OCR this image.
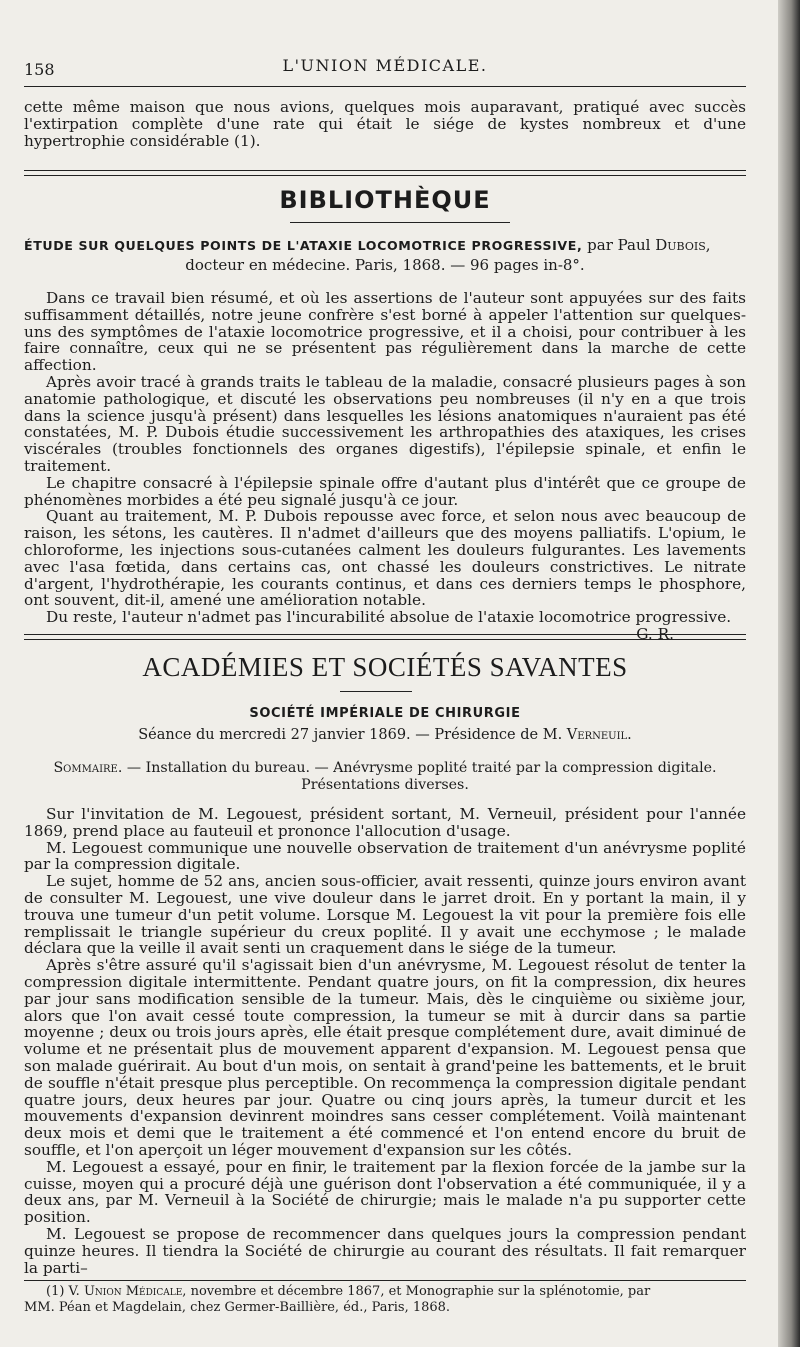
158	L'UNION MÉDICALE.

cette même maison que nous avions, quelques mois auparavant, pratiqué avec succès l'extirpation complète d'une rate qui était le siége de kystes nombreux et d'une hypertrophie considérable (1).

BIBLIOTHÈQUE

ÉTUDE SUR QUELQUES POINTS DE L'ATAXIE LOCOMOTRICE PROGRESSIVE, par Paul Dubois,

docteur en médecine. Paris, 1868. — 96 pages in-8°.

Dans ce travail bien résumé, et où les assertions de l'auteur sont appuyées sur des faits suffisamment détaillés, notre jeune confrère s'est borné à appeler l'attention sur quelques-uns des symptômes de l'ataxie locomotrice progressive, et il a choisi, pour contribuer à les faire connaître, ceux qui ne se présentent pas régulièrement dans la marche de cette affection.

Après avoir tracé à grands traits le tableau de la maladie, consacré plusieurs pages à son anatomie pathologique, et discuté les observations peu nombreuses (il n'y en a que trois dans la science jusqu'à présent) dans lesquelles les lésions anatomiques n'auraient pas été constatées, M. P. Dubois étudie successivement les arthropathies des ataxiques, les crises viscérales (troubles fonctionnels des organes digestifs), l'épilepsie spinale, et enfin le traitement.

Le chapitre consacré à l'épilepsie spinale offre d'autant plus d'intérêt que ce groupe de phénomènes morbides a été peu signalé jusqu'à ce jour.

Quant au traitement, M. P. Dubois repousse avec force, et selon nous avec beaucoup de raison, les sétons, les cautères. Il n'admet d'ailleurs que des moyens palliatifs. L'opium, le chloroforme, les injections sous-cutanées calment les douleurs fulgurantes. Les lavements avec l'asa fœtida, dans certains cas, ont chassé les douleurs constrictives. Le nitrate d'argent, l'hydrothérapie, les courants continus, et dans ces derniers temps le phosphore, ont souvent, dit-il, amené une amélioration notable.

Du reste, l'auteur n'admet pas l'incurabilité absolue de l'ataxie locomotrice progressive.

G. R.

ACADÉMIES ET SOCIÉTÉS SAVANTES
SOCIÉTÉ IMPÉRIALE DE CHIRURGIE

Séance du mercredi 27 janvier 1869. — Présidence de M. Verneuil.

Sommaire. — Installation du bureau. — Anévrysme poplité traité par la compression digitale.

Présentations diverses.

Sur l'invitation de M. Legouest, président sortant, M. Verneuil, président pour l'année 1869, prend place au fauteuil et prononce l'allocution d'usage.

M. Legouest communique une nouvelle observation de traitement d'un anévrysme poplité par la compression digitale.

Le sujet, homme de 52 ans, ancien sous-officier, avait ressenti, quinze jours environ avant de consulter M. Legouest, une vive douleur dans le jarret droit. En y portant la main, il y trouva une tumeur d'un petit volume. Lorsque M. Legouest la vit pour la première fois elle remplissait le triangle supérieur du creux poplité. Il y avait une ecchymose ; le malade déclara que la veille il avait senti un craquement dans le siége de la tumeur.

Après s'être assuré qu'il s'agissait bien d'un anévrysme, M. Legouest résolut de tenter la compression digitale intermittente. Pendant quatre jours, on fit la compression, dix heures par jour sans modification sensible de la tumeur. Mais, dès le cinquième ou sixième jour, alors que l'on avait cessé toute compression, la tumeur se mit à durcir dans sa partie moyenne ; deux ou trois jours après, elle était presque complétement dure, avait diminué de volume et ne présentait plus de mouvement apparent d'expansion. M. Legouest pensa que son malade guérirait. Au bout d'un mois, on sentait à grand'peine les battements, et le bruit de souffle n'était presque plus perceptible. On recommença la compression digitale pendant quatre jours, deux heures par jour. Quatre ou cinq jours après, la tumeur durcit et les mouvements d'expansion devinrent moindres sans cesser complétement. Voilà maintenant deux mois et demi que le traitement a été commencé et l'on entend encore du bruit de souffle, et l'on aperçoit un léger mouvement d'expansion sur les côtés.

M. Legouest a essayé, pour en finir, le traitement par la flexion forcée de la jambe sur la cuisse, moyen qui a procuré déjà une guérison dont l'observation a été communiquée, il y a deux ans, par M. Verneuil à la Société de chirurgie; mais le malade n'a pu supporter cette position.

M. Legouest se propose de recommencer dans quelques jours la compression pendant quinze heures. Il tiendra la Société de chirurgie au courant des résultats. Il fait remarquer la parti–

(1) V. Union Médicale, novembre et décembre 1867, et Monographie sur la splénotomie, par

MM. Péan et Magdelain, chez Germer-Baillière, éd., Paris, 1868.
